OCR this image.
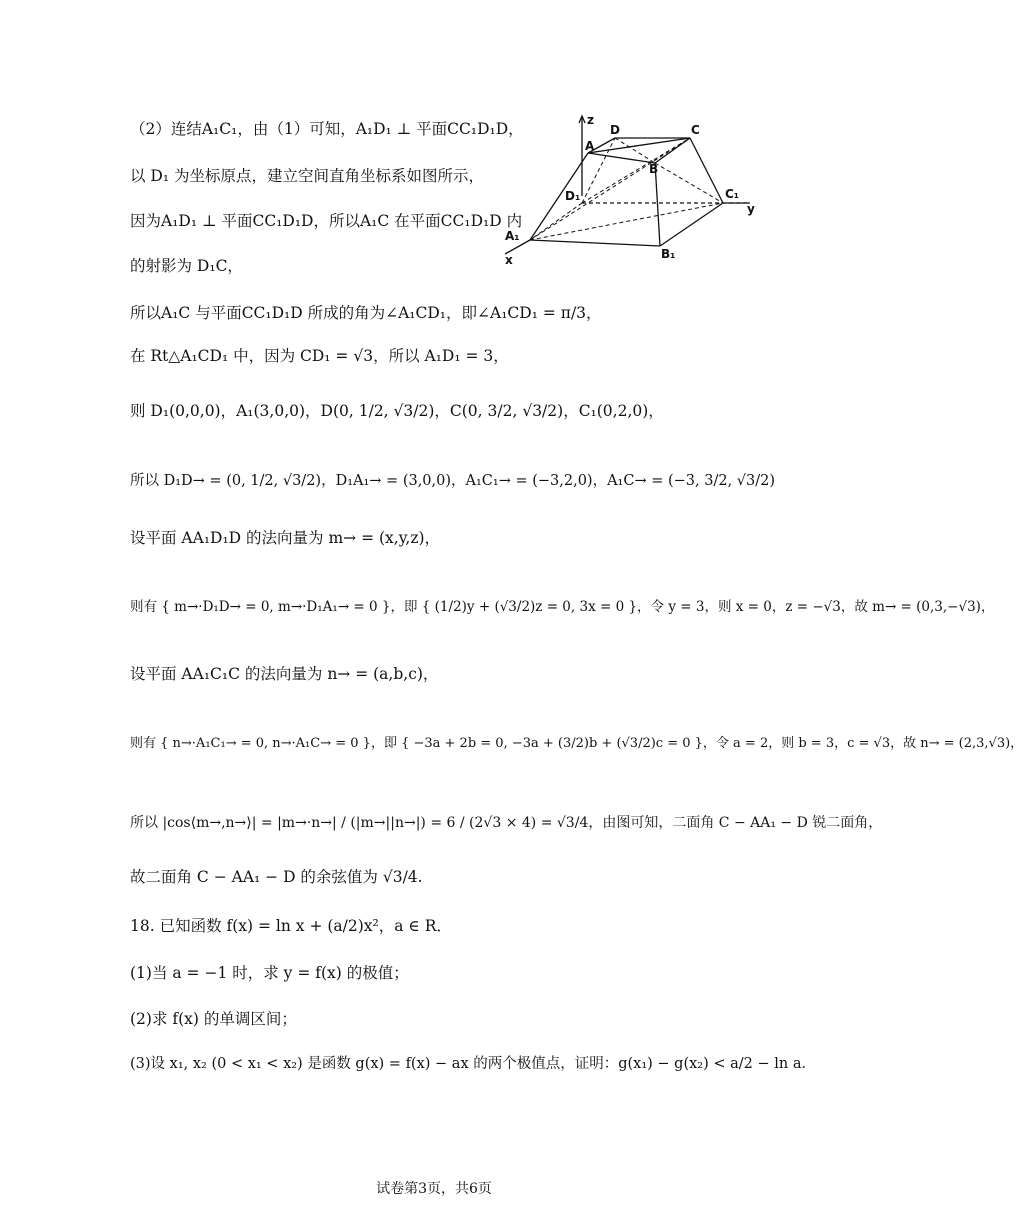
（2）连结A₁C₁，由（1）可知，A₁D₁ ⊥ 平面CC₁D₁D，
以 D₁ 为坐标原点，建立空间直角坐标系如图所示，
因为A₁D₁ ⊥ 平面CC₁D₁D，所以A₁C 在平面CC₁D₁D 内
的射影为 D₁C，
所以A₁C 与平面CC₁D₁D 所成的角为∠A₁CD₁，即∠A₁CD₁ = π/3，
在 Rt△A₁CD₁ 中，因为 CD₁ = √3，所以 A₁D₁ = 3，
则 D₁(0,0,0)，A₁(3,0,0)，D(0, 1/2, √3/2)，C(0, 3/2, √3/2)，C₁(0,2,0)，
所以 D₁D→ = (0, 1/2, √3/2)，D₁A₁→ = (3,0,0)，A₁C₁→ = (−3,2,0)，A₁C→ = (−3, 3/2, √3/2)
设平面 AA₁D₁D 的法向量为 m→ = (x,y,z)，
则有 { m→·D₁D→ = 0, m→·D₁A₁→ = 0 }，即 { (1/2)y + (√3/2)z = 0, 3x = 0 }，令 y = 3，则 x = 0，z = −√3，故 m→ = (0,3,−√3)，
设平面 AA₁C₁C 的法向量为 n→ = (a,b,c)，
则有 { n→·A₁C₁→ = 0, n→·A₁C→ = 0 }，即 { −3a + 2b = 0, −3a + (3/2)b + (√3/2)c = 0 }，令 a = 2，则 b = 3，c = √3，故 n→ = (2,3,√3)，
所以 |cos⟨m→,n→⟩| = |m→·n→| / (|m→||n→|) = 6 / (2√3 × 4) = √3/4，由图可知，二面角 C − AA₁ − D 锐二面角，
故二面角 C − AA₁ − D 的余弦值为 √3/4.
18. 已知函数 f(x) = ln x + (a/2)x²，a ∈ R．
(1)当 a = −1 时，求 y = f(x) 的极值；
(2)求 f(x) 的单调区间；
(3)设 x₁, x₂ (0 < x₁ < x₂) 是函数 g(x) = f(x) − ax 的两个极值点，证明：g(x₁) − g(x₂) < a/2 − ln a．
z
D	C
A
B
D₁	C₁
y
A₁
B₁
x
试卷第3页，共6页
